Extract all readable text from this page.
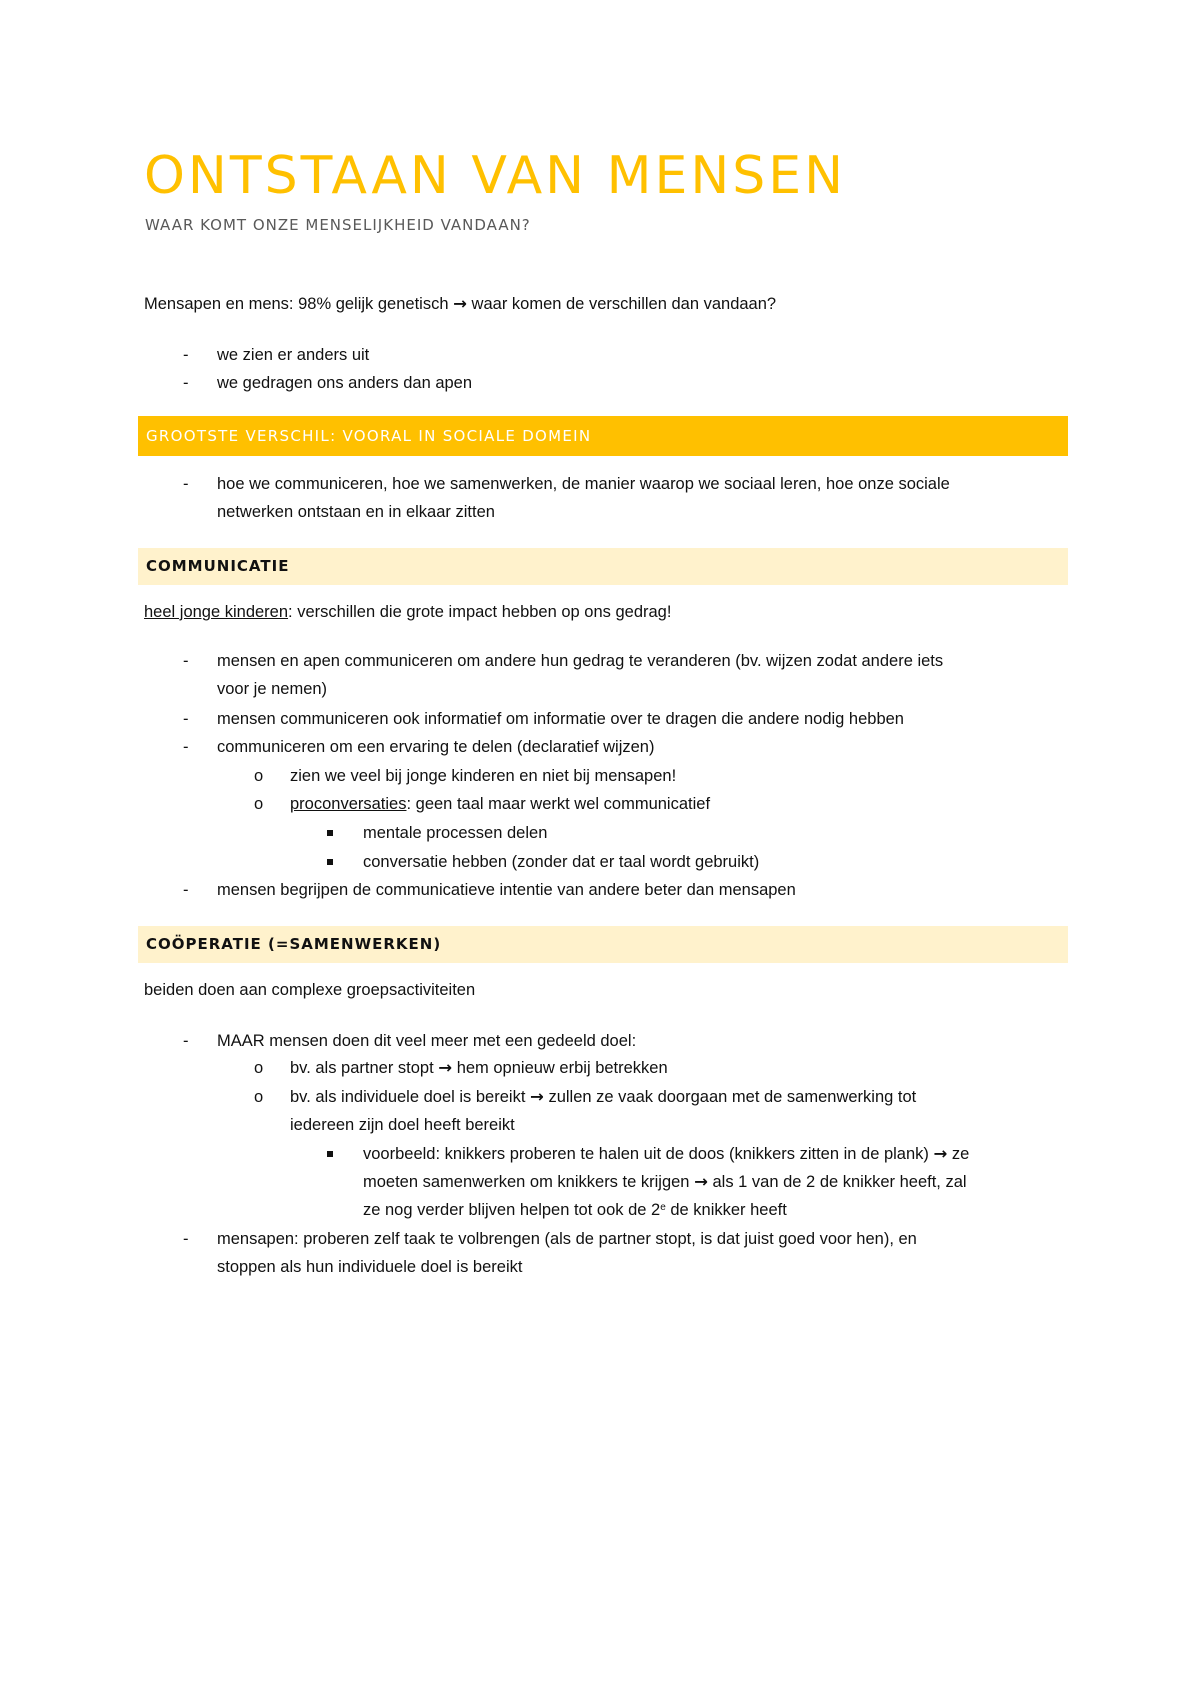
ONTSTAAN VAN MENSEN
WAAR KOMT ONZE MENSELIJKHEID VANDAAN?
Mensapen en mens: 98% gelijk genetisch → waar komen de verschillen dan vandaan?
- we zien er anders uit
- we gedragen ons anders dan apen
GROOTSTE VERSCHIL: VOORAL IN SOCIALE DOMEIN
- hoe we communiceren, hoe we samenwerken, de manier waarop we sociaal leren, hoe onze sociale
netwerken ontstaan en in elkaar zitten
COMMUNICATIE
heel jonge kinderen: verschillen die grote impact hebben op ons gedrag!
- mensen en apen communiceren om andere hun gedrag te veranderen (bv. wijzen zodat andere iets
voor je nemen)
- mensen communiceren ook informatief om informatie over te dragen die andere nodig hebben
- communiceren om een ervaring te delen (declaratief wijzen)
o zien we veel bij jonge kinderen en niet bij mensapen!
o proconversaties: geen taal maar werkt wel communicatief
mentale processen delen
conversatie hebben (zonder dat er taal wordt gebruikt)
- mensen begrijpen de communicatieve intentie van andere beter dan mensapen
COÖPERATIE (=SAMENWERKEN)
beiden doen aan complexe groepsactiviteiten
- MAAR mensen doen dit veel meer met een gedeeld doel:
o bv. als partner stopt → hem opnieuw erbij betrekken
o bv. als individuele doel is bereikt → zullen ze vaak doorgaan met de samenwerking tot
iedereen zijn doel heeft bereikt
voorbeeld: knikkers proberen te halen uit de doos (knikkers zitten in de plank) → ze
moeten samenwerken om knikkers te krijgen → als 1 van de 2 de knikker heeft, zal
ze nog verder blijven helpen tot ook de 2e de knikker heeft
- mensapen: proberen zelf taak te volbrengen (als de partner stopt, is dat juist goed voor hen), en
stoppen als hun individuele doel is bereikt
